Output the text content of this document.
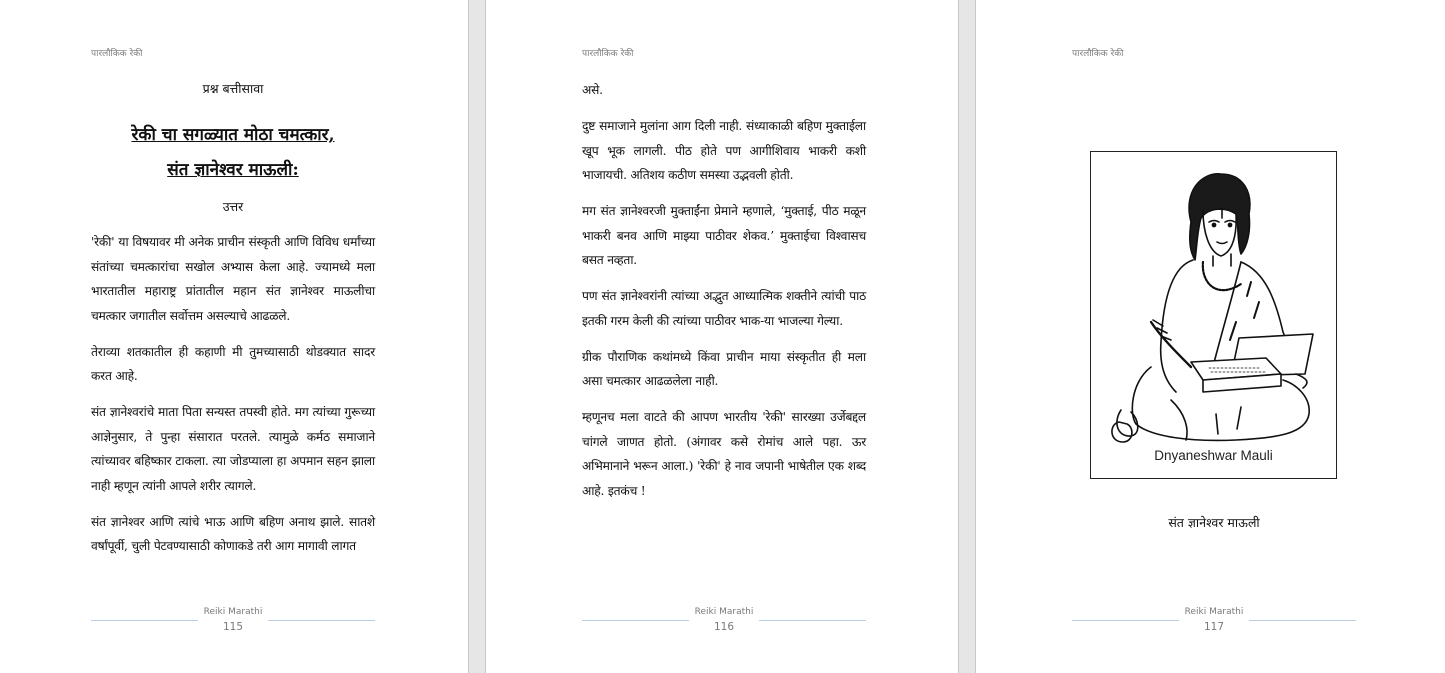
पारलौकिक रेकी

प्रश्न बत्तीसावा

रेकी चा सगळ्यात मोठा चमत्कार,

संत ज्ञानेश्वर माऊली:

उत्तर

'रेकी' या विषयावर मी अनेक प्राचीन संस्कृती आणि विविध धर्मांच्या संतांच्या चमत्कारांचा सखोल अभ्यास केला आहे. ज्यामध्ये मला भारतातील महाराष्ट्र प्रांतातील महान संत ज्ञानेश्वर माऊलीचा चमत्कार जगातील सर्वोत्तम असल्याचे आढळले.

तेराव्या शतकातील ही कहाणी मी तुमच्यासाठी थोडक्यात सादर करत आहे.

संत ज्ञानेश्वरांचे माता पिता सन्यस्त तपस्वी होते. मग त्यांच्या गुरूच्या आज्ञेनुसार, ते पुन्हा संसारात परतले. त्यामुळे कर्मठ समाजाने त्यांच्यावर बहिष्कार टाकला. त्या जोडप्याला हा अपमान सहन झाला नाही म्हणून त्यांनी आपले शरीर त्यागले.

संत ज्ञानेश्वर आणि त्यांचे भाऊ आणि बहिण अनाथ झाले. सातशे वर्षांपूर्वी, चुली पेटवण्यासाठी कोणाकडे तरी आग मागावी लागत

Reiki Marathi
115
पारलौकिक रेकी

असे.

दुष्ट समाजाने मुलांना आग दिली नाही. संध्याकाळी बहिण मुक्ताईला खूप भूक लागली. पीठ होते पण आगीशिवाय भाकरी कशी भाजायची. अतिशय कठीण समस्या उद्भवली होती.

मग संत ज्ञानेश्वरजी मुक्ताईंना प्रेमाने म्हणाले, ‘मुक्ताई, पीठ मळून भाकरी बनव आणि माझ्या पाठीवर शेकव.’ मुक्ताईचा विश्वासच बसत नव्हता.

पण संत ज्ञानेश्वरांनी त्यांच्या अद्भुत आध्यात्मिक शक्तीने त्यांची पाठ इतकी गरम केली की त्यांच्या पाठीवर भाक-या भाजल्या गेल्या.

ग्रीक पौराणिक कथांमध्ये किंवा प्राचीन माया संस्कृतीत ही मला असा चमत्कार आढळलेला नाही.

म्हणूनच मला वाटते की आपण भारतीय 'रेकी' सारख्या उर्जेबद्दल चांगले जाणत होतो. (अंगावर कसे रोमांच आले पहा. ऊर अभिमानाने भरून आला.) 'रेकी' हे नाव जपानी भाषेतील एक शब्द आहे. इतकंच !

Reiki Marathi
116
पारलौकिक रेकी
Dnyaneshwar Mauli
संत ज्ञानेश्वर माऊली
Reiki Marathi
117
